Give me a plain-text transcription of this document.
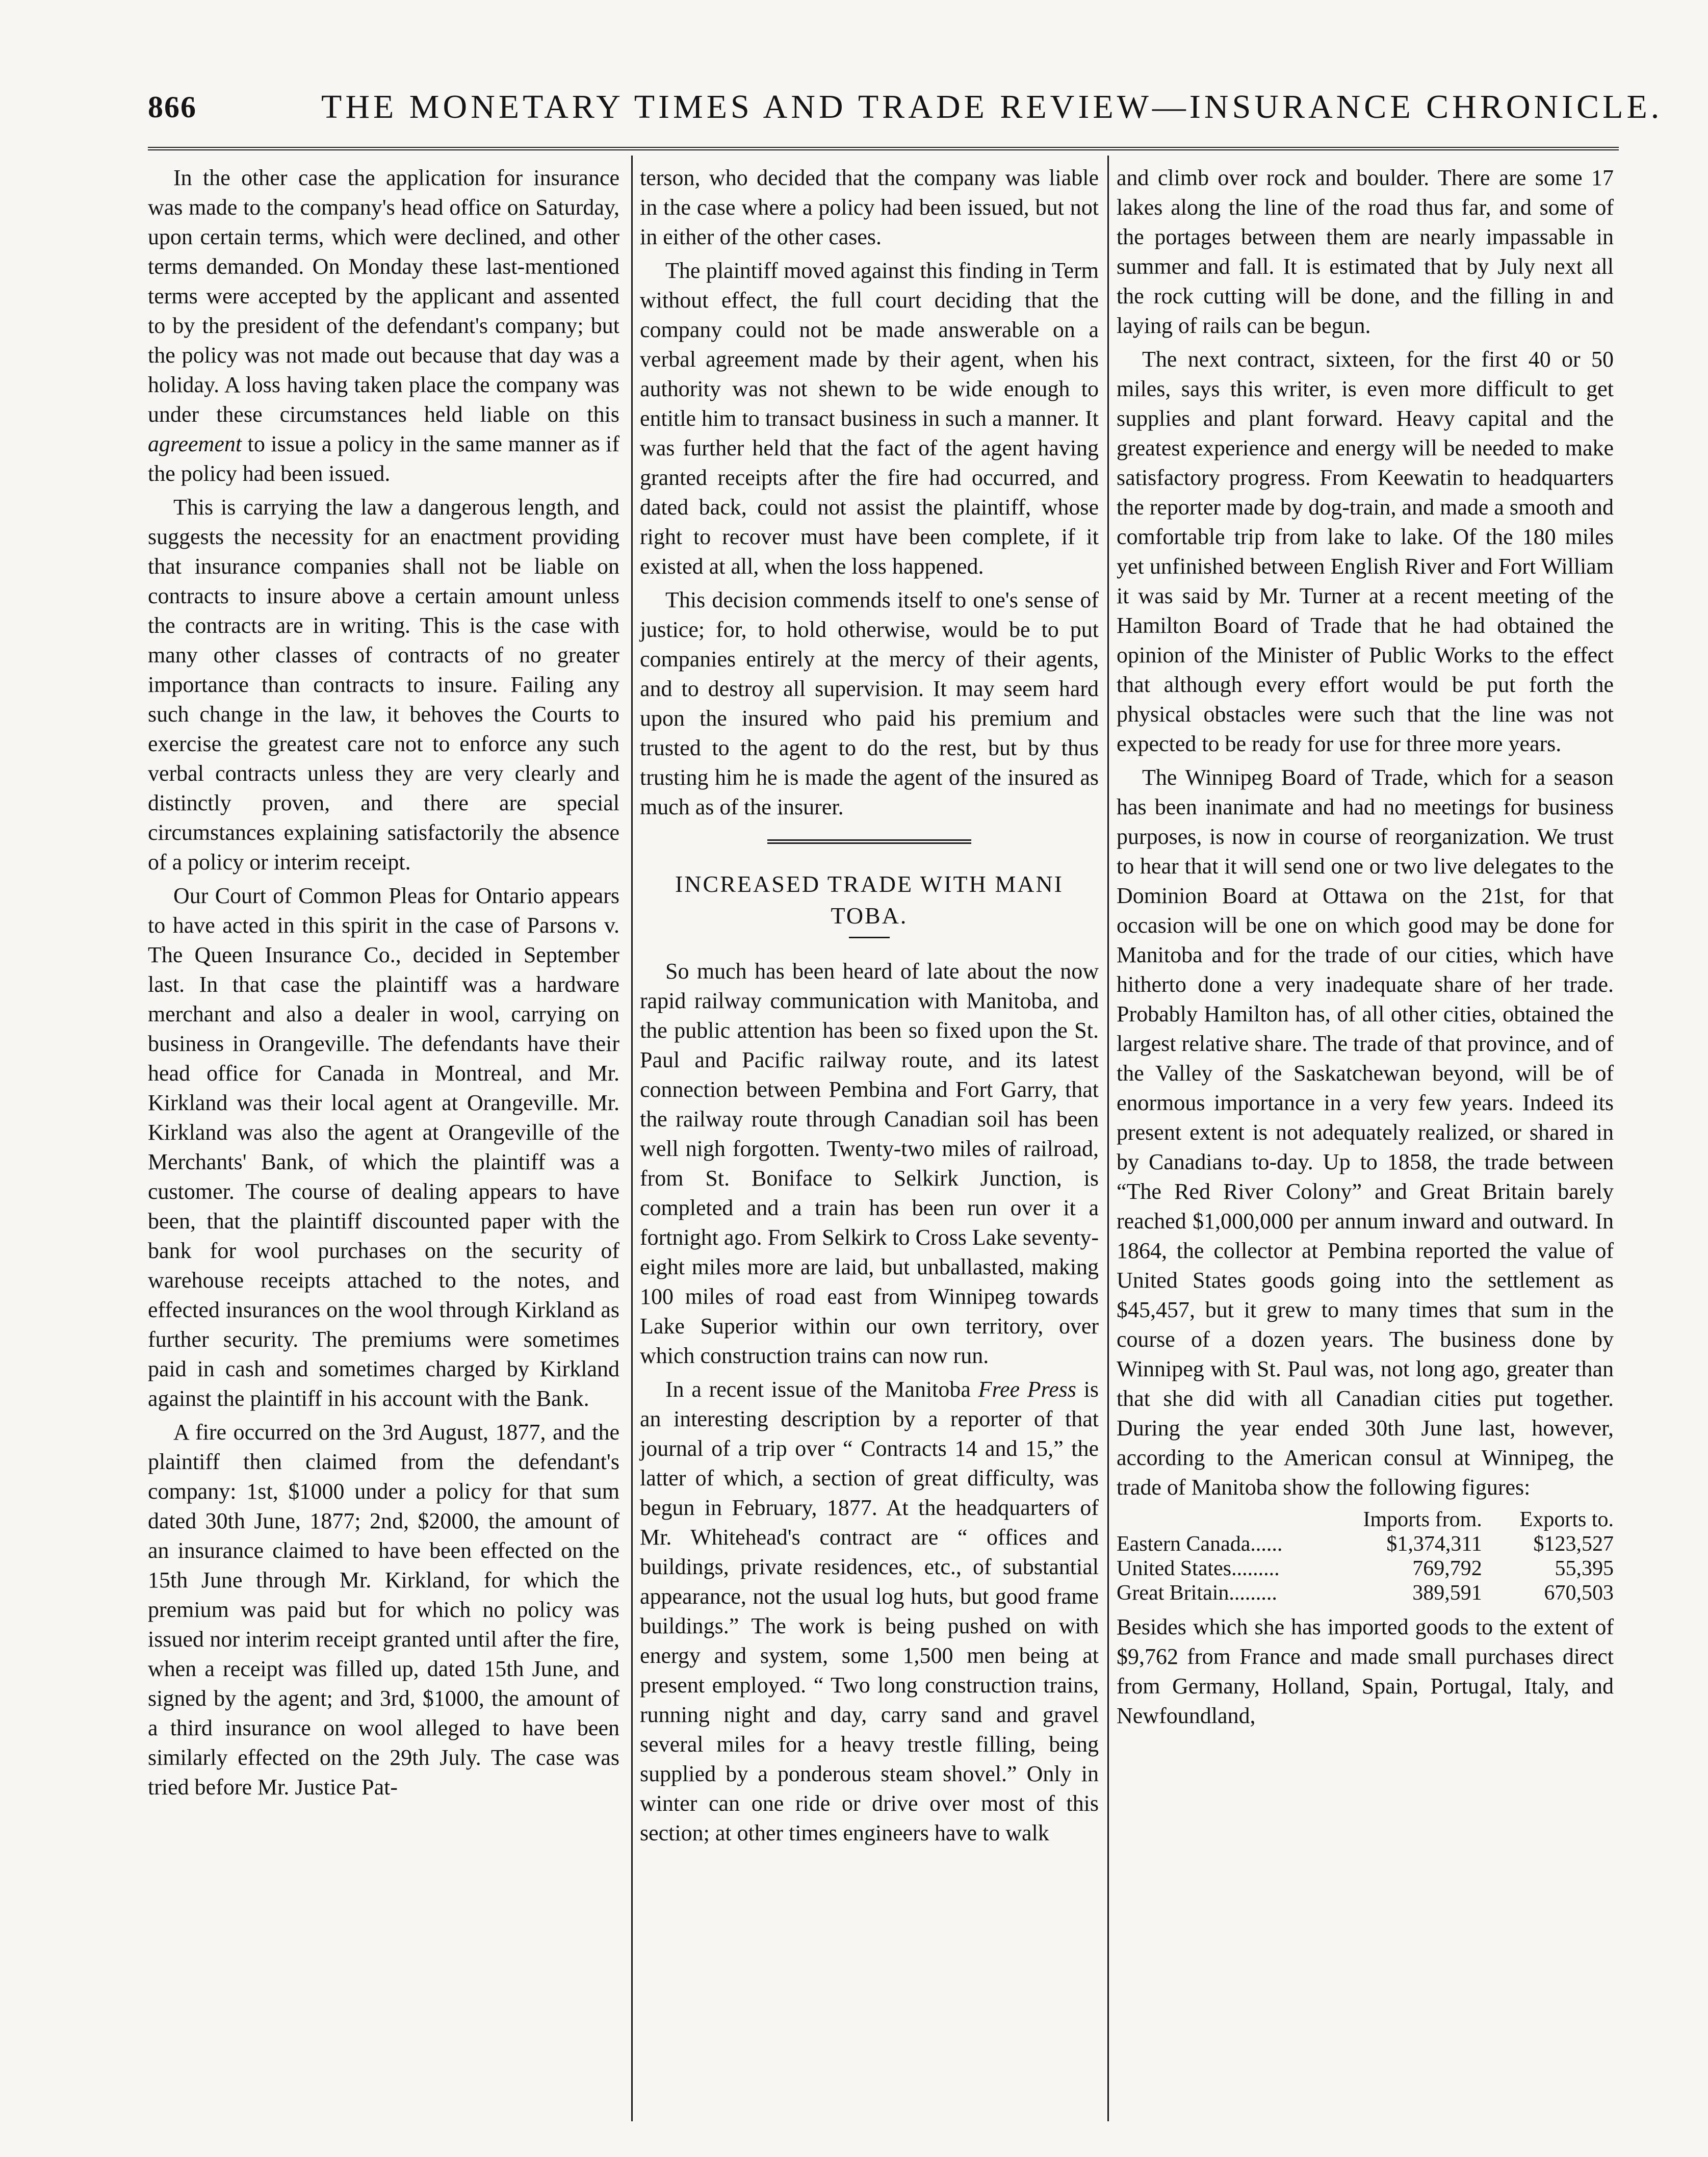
866	THE MONETARY TIMES AND TRADE REVIEW—INSURANCE CHRONICLE.

In the other case the application for insurance was made to the company's head office on Saturday, upon certain terms, which were declined, and other terms demanded. On Monday these last-mentioned terms were accepted by the applicant and assented to by the president of the defendant's company; but the policy was not made out because that day was a holiday. A loss having taken place the company was under these circumstances held liable on this agreement to issue a policy in the same manner as if the policy had been issued.

This is carrying the law a dangerous length, and suggests the necessity for an enactment providing that insurance companies shall not be liable on contracts to insure above a certain amount unless the contracts are in writing. This is the case with many other classes of contracts of no greater importance than contracts to insure. Failing any such change in the law, it behoves the Courts to exercise the greatest care not to enforce any such verbal contracts unless they are very clearly and distinctly proven, and there are special circumstances explaining satisfactorily the absence of a policy or interim receipt.

Our Court of Common Pleas for Ontario appears to have acted in this spirit in the case of Parsons v. The Queen Insurance Co., decided in September last. In that case the plaintiff was a hardware merchant and also a dealer in wool, carrying on business in Orangeville. The defendants have their head office for Canada in Montreal, and Mr. Kirkland was their local agent at Orangeville. Mr. Kirkland was also the agent at Orangeville of the Merchants' Bank, of which the plaintiff was a customer. The course of dealing appears to have been, that the plaintiff discounted paper with the bank for wool purchases on the security of warehouse receipts attached to the notes, and effected insurances on the wool through Kirkland as further security. The premiums were sometimes paid in cash and sometimes charged by Kirkland against the plaintiff in his account with the Bank.

A fire occurred on the 3rd August, 1877, and the plaintiff then claimed from the defendant's company: 1st, $1000 under a policy for that sum dated 30th June, 1877; 2nd, $2000, the amount of an insurance claimed to have been effected on the 15th June through Mr. Kirkland, for which the premium was paid but for which no policy was issued nor interim receipt granted until after the fire, when a receipt was filled up, dated 15th June, and signed by the agent; and 3rd, $1000, the amount of a third insurance on wool alleged to have been similarly effected on the 29th July. The case was tried before Mr. Justice Pat-

terson, who decided that the company was liable in the case where a policy had been issued, but not in either of the other cases.

The plaintiff moved against this finding in Term without effect, the full court deciding that the company could not be made answerable on a verbal agreement made by their agent, when his authority was not shewn to be wide enough to entitle him to transact business in such a manner. It was further held that the fact of the agent having granted receipts after the fire had occurred, and dated back, could not assist the plaintiff, whose right to recover must have been complete, if it existed at all, when the loss happened.

This decision commends itself to one's sense of justice; for, to hold otherwise, would be to put companies entirely at the mercy of their agents, and to destroy all supervision. It may seem hard upon the insured who paid his premium and trusted to the agent to do the rest, but by thus trusting him he is made the agent of the insured as much as of the insurer.

INCREASED TRADE WITH MANI TOBA.

So much has been heard of late about the now rapid railway communication with Manitoba, and the public attention has been so fixed upon the St. Paul and Pacific railway route, and its latest connection between Pembina and Fort Garry, that the railway route through Canadian soil has been well nigh forgotten. Twenty-two miles of railroad, from St. Boniface to Selkirk Junction, is completed and a train has been run over it a fortnight ago. From Selkirk to Cross Lake seventy-eight miles more are laid, but unballasted, making 100 miles of road east from Winnipeg towards Lake Superior within our own territory, over which construction trains can now run.

In a recent issue of the Manitoba Free Press is an interesting description by a reporter of that journal of a trip over “ Contracts 14 and 15,” the latter of which, a section of great difficulty, was begun in February, 1877. At the headquarters of Mr. Whitehead's contract are “ offices and buildings, private residences, etc., of substantial appearance, not the usual log huts, but good frame buildings.” The work is being pushed on with energy and system, some 1,500 men being at present employed. “ Two long construction trains, running night and day, carry sand and gravel several miles for a heavy trestle filling, being supplied by a ponderous steam shovel.” Only in winter can one ride or drive over most of this section; at other times engineers have to walk

and climb over rock and boulder. There are some 17 lakes along the line of the road thus far, and some of the portages between them are nearly impassable in summer and fall. It is estimated that by July next all the rock cutting will be done, and the filling in and laying of rails can be begun.

The next contract, sixteen, for the first 40 or 50 miles, says this writer, is even more difficult to get supplies and plant forward. Heavy capital and the greatest experience and energy will be needed to make satisfactory progress. From Keewatin to headquarters the reporter made by dog-train, and made a smooth and comfortable trip from lake to lake. Of the 180 miles yet unfinished between English River and Fort William it was said by Mr. Turner at a recent meeting of the Hamilton Board of Trade that he had obtained the opinion of the Minister of Public Works to the effect that although every effort would be put forth the physical obstacles were such that the line was not expected to be ready for use for three more years.

The Winnipeg Board of Trade, which for a season has been inanimate and had no meetings for business purposes, is now in course of reorganization. We trust to hear that it will send one or two live delegates to the Dominion Board at Ottawa on the 21st, for that occasion will be one on which good may be done for Manitoba and for the trade of our cities, which have hitherto done a very inadequate share of her trade. Probably Hamilton has, of all other cities, obtained the largest relative share. The trade of that province, and of the Valley of the Saskatchewan beyond, will be of enormous importance in a very few years. Indeed its present extent is not adequately realized, or shared in by Canadians to-day. Up to 1858, the trade between “The Red River Colony” and Great Britain barely reached $1,000,000 per annum inward and outward. In 1864, the collector at Pembina reported the value of United States goods going into the settlement as $45,457, but it grew to many times that sum in the course of a dozen years. The business done by Winnipeg with St. Paul was, not long ago, greater than that she did with all Canadian cities put together. During the year ended 30th June last, however, according to the American consul at Winnipeg, the trade of Manitoba show the following figures:

	Imports from.	Exports to.
Eastern Canada......	$1,374,311	$123,527
United States.........	769,792	55,395
Great Britain.........	389,591	670,503

Besides which she has imported goods to the extent of $9,762 from France and made small purchases direct from Germany, Holland, Spain, Portugal, Italy, and Newfoundland,
